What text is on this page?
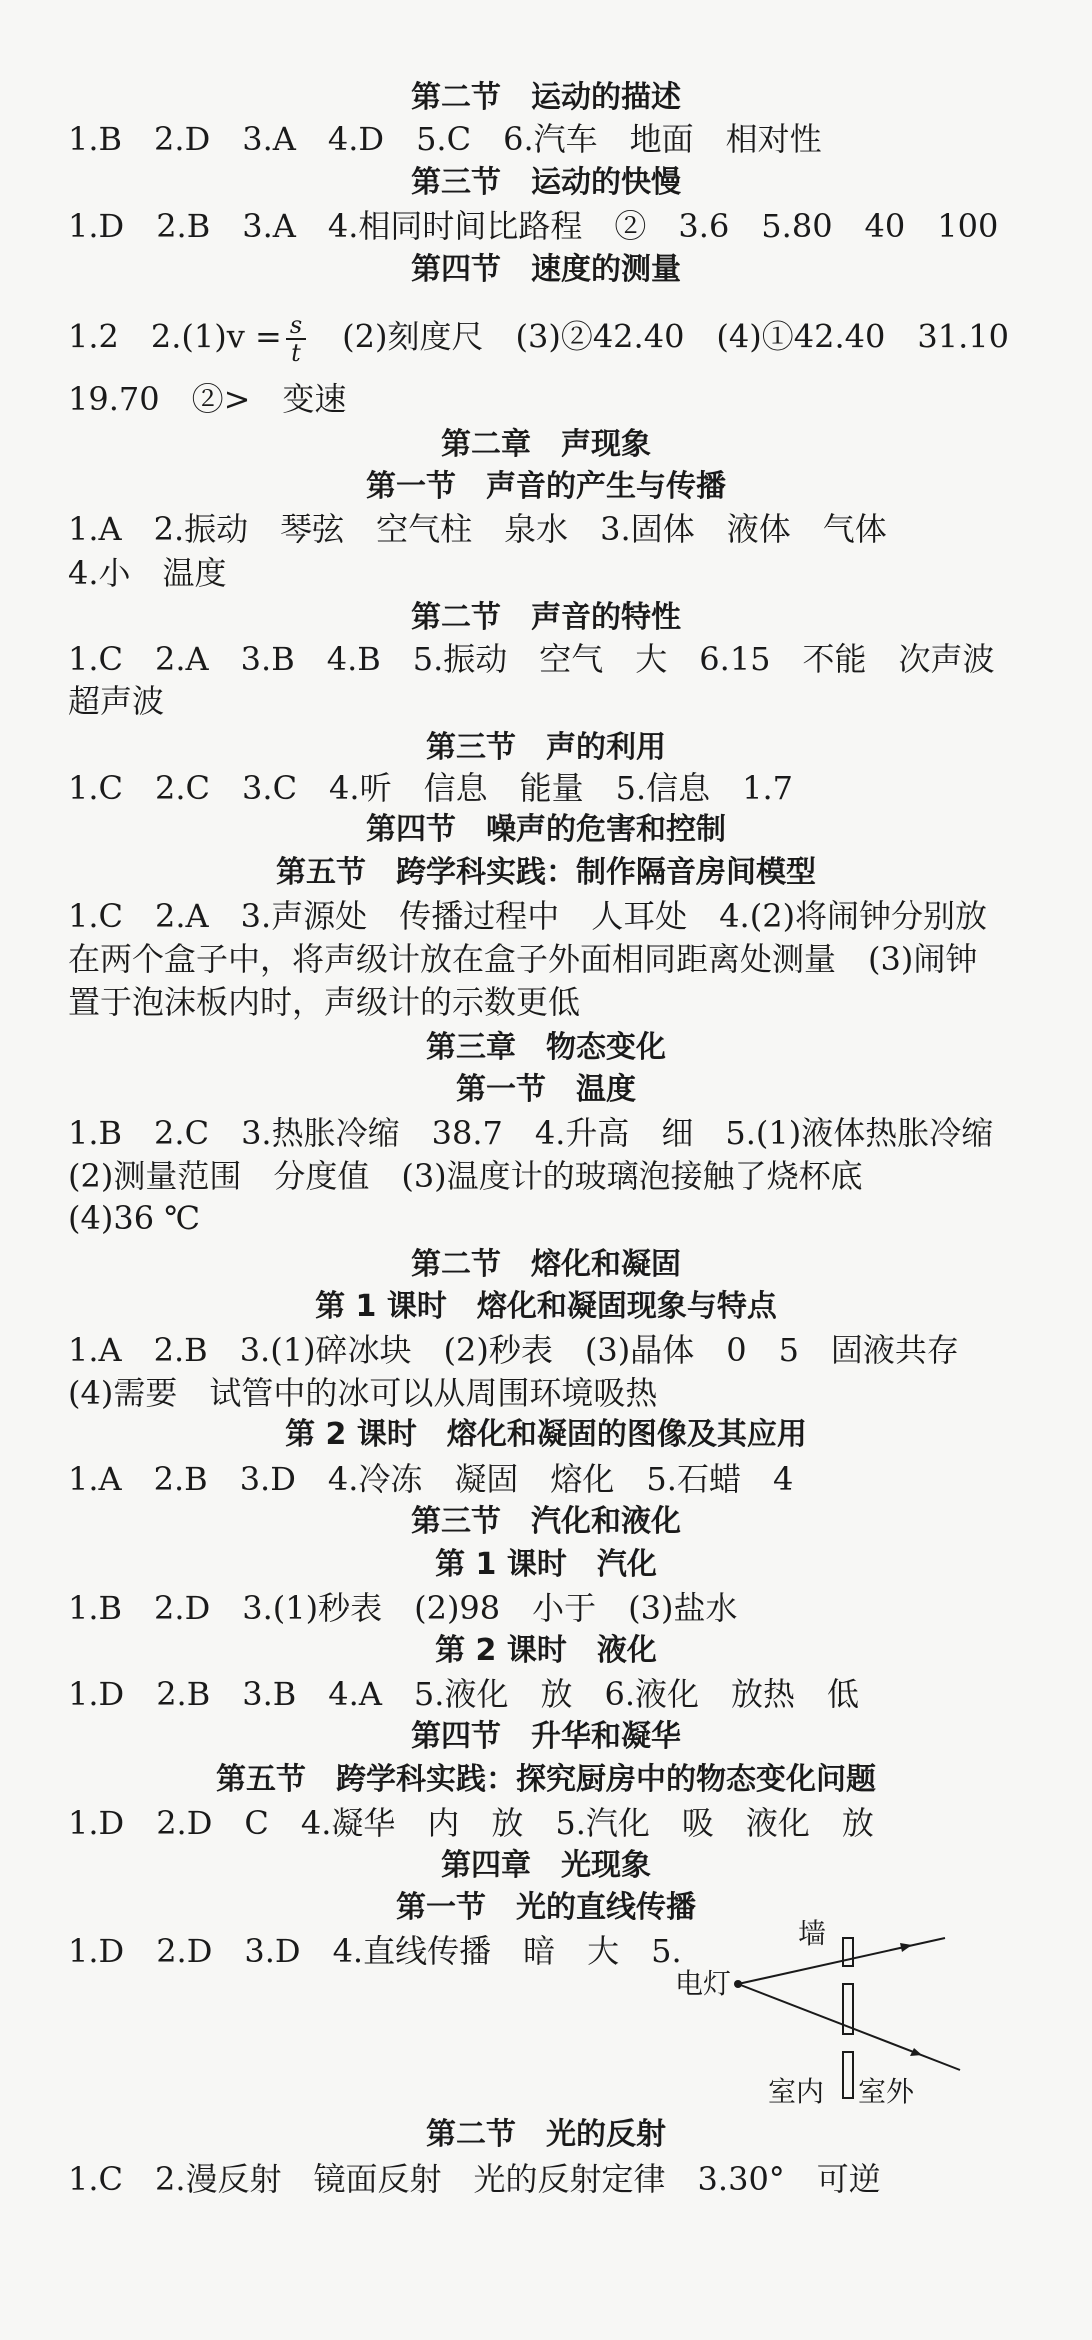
第二节　运动的描述
1.B　2.D　3.A　4.D　5.C　6.汽车　地面　相对性
第三节　运动的快慢
1.D　2.B　3.A　4.相同时间比路程　②　3.6　5.80　40　100
第四节　速度的测量
1.2　$2.(1)v = \frac{s}{t}$ 　(2)刻度尺　(3)②42.40　(4)①42.40　31.10
19.70　②>　变速
第二章　声现象
第一节　声音的产生与传播
1.A　2.振动　琴弦　空气柱　泉水　3.固体　液体　气体
4.小　温度
第二节　声音的特性
1.C　2.A　3.B　4.B　5.振动　空气　大　6.15　不能　次声波
超声波
第三节　声的利用
1.C　2.C　3.C　4.听　信息　能量　5.信息　1.7
第四节　噪声的危害和控制
第五节　跨学科实践：制作隔音房间模型
1.C　2.A　3.声源处　传播过程中　人耳处　4.(2)将闹钟分别放
在两个盒子中，将声级计放在盒子外面相同距离处测量　(3)闹钟
置于泡沫板内时，声级计的示数更低
第三章　物态变化
第一节　温度
1.B　2.C　3.热胀冷缩　38.7　4.升高　细　5.(1)液体热胀冷缩
(2)测量范围　分度值　(3)温度计的玻璃泡接触了烧杯底
(4)36 ℃
第二节　熔化和凝固
第 1 课时　熔化和凝固现象与特点
1.A　2.B　3.(1)碎冰块　(2)秒表　(3)晶体　0　5　固液共存
(4)需要　试管中的冰可以从周围环境吸热
第 2 课时　熔化和凝固的图像及其应用
1.A　2.B　3.D　4.冷冻　凝固　熔化　5.石蜡　4
第三节　汽化和液化
第 1 课时　汽化
1.B　2.D　3.(1)秒表　(2)98　小于　(3)盐水
第 2 课时　液化
1.D　2.B　3.B　4.A　5.液化　放　6.液化　放热　低
第四节　升华和凝华
第五节　跨学科实践：探究厨房中的物态变化问题
1.D　2.D　C　4.凝华　内　放　5.汽化　吸　液化　放
第四章　光现象
第一节　光的直线传播
1.D　2.D　3.D　4.直线传播　暗　大　5.	墙
电灯
室内 室外
第二节　光的反射
1.C　2.漫反射　镜面反射　光的反射定律　3.30°　可逆
